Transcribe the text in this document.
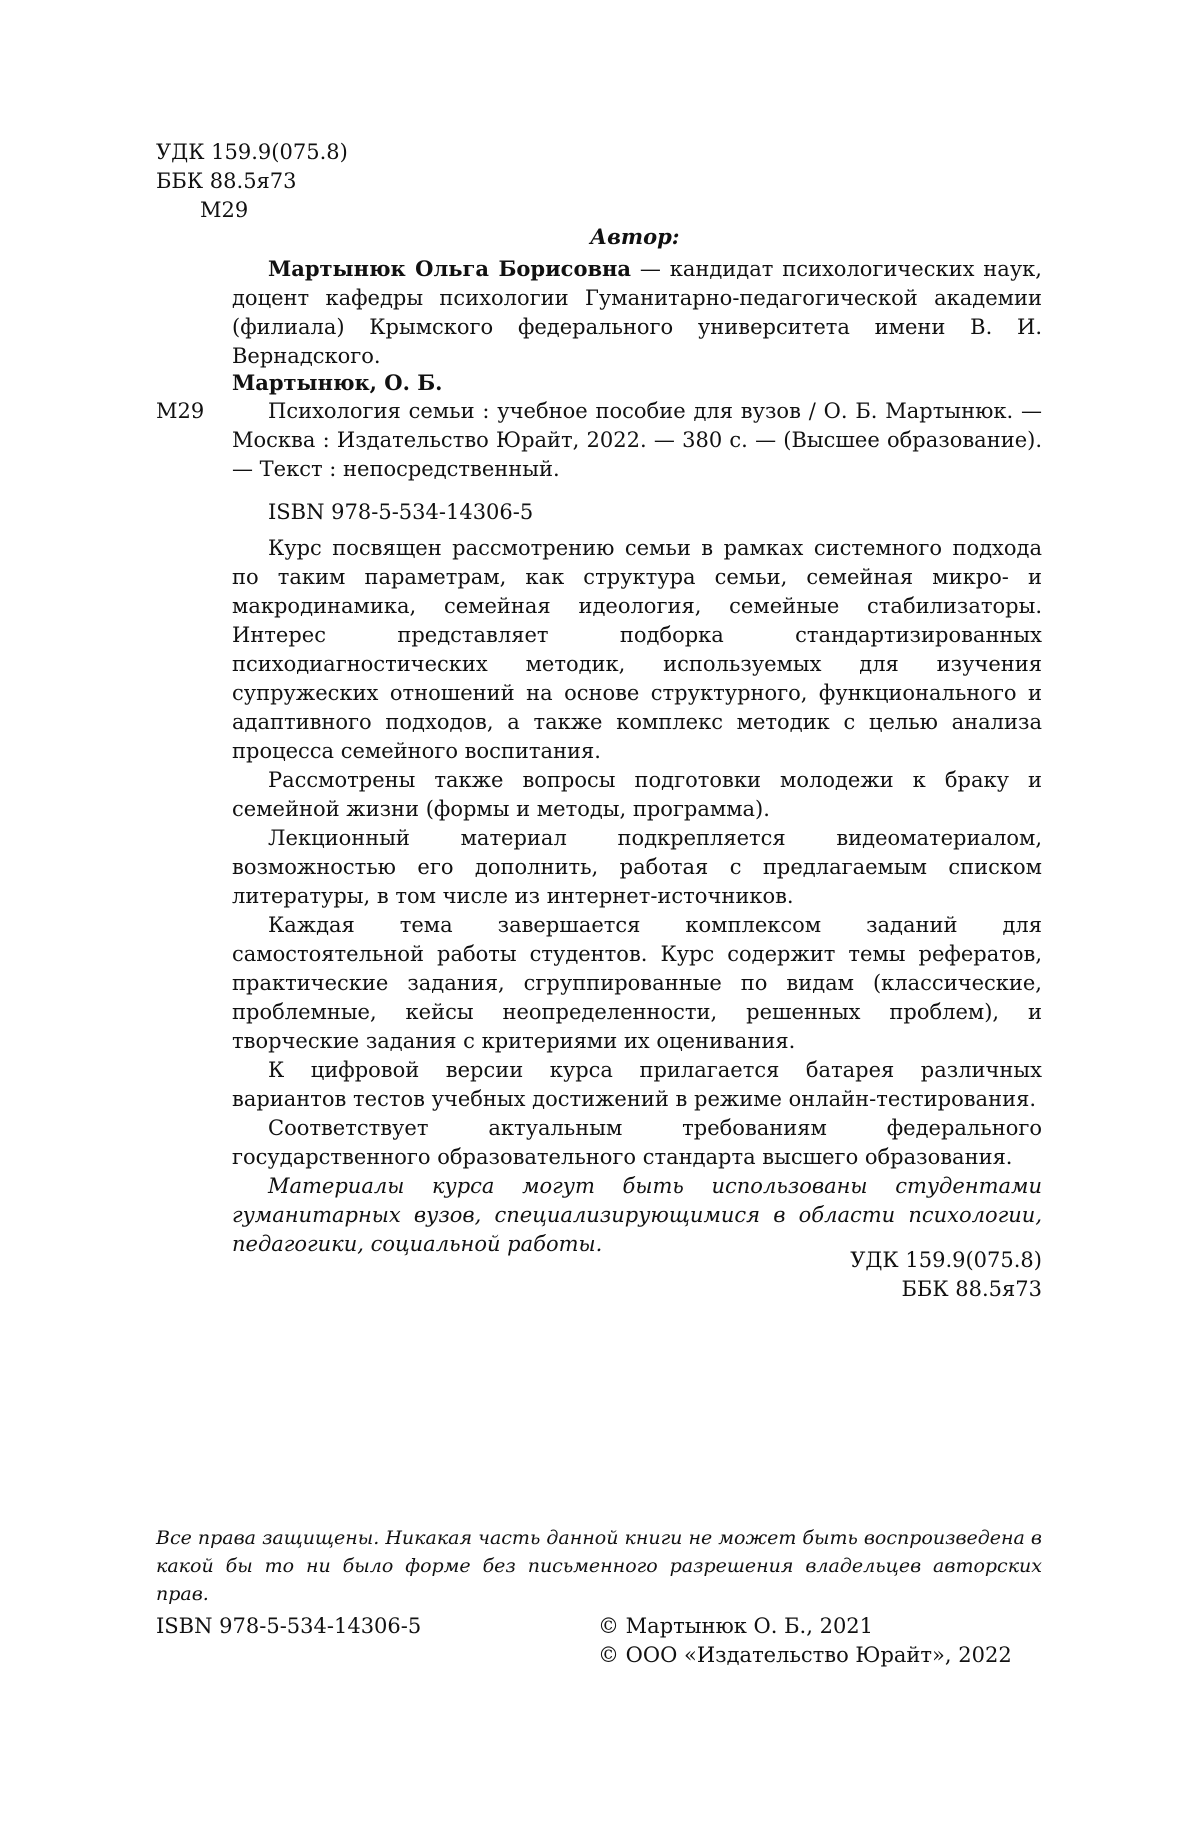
УДК 159.9(075.8)
ББК 88.5я73
М29
Автор:

Мартынюк Ольга Борисовна — кандидат психологических наук, доцент кафедры психологии Гуманитарно-педагогической академии (филиала) Крымского федерального университета имени В. И. Вернадского.

Мартынюк, О. Б.
М29	Психология семьи : учебное пособие для вузов / О. Б. Мартынюк. — Москва : Издательство Юрайт, 2022. — 380 с. — (Высшее образование). — Текст : непосредственный.

ISBN 978-5-534-14306-5

Курс посвящен рассмотрению семьи в рамках системного подхода по таким параметрам, как структура семьи, семейная микро- и макродинамика, семейная идеология, семейные стабилизаторы. Интерес представляет подборка стандартизированных психодиагностических методик, используемых для изучения супружеских отношений на основе структурного, функционального и адаптивного подходов, а также комплекс методик с целью анализа процесса семейного воспитания.

Рассмотрены также вопросы подготовки молодежи к браку и семейной жизни (формы и методы, программа).

Лекционный материал подкрепляется видеоматериалом, возможностью его дополнить, работая с предлагаемым списком литературы, в том числе из интернет-источников.

Каждая тема завершается комплексом заданий для самостоятельной работы студентов. Курс содержит темы рефератов, практические задания, сгруппированные по видам (классические, проблемные, кейсы неопределенности, решенных проблем), и творческие задания с критериями их оценивания.

К цифровой версии курса прилагается батарея различных вариантов тестов учебных достижений в режиме онлайн-тестирования.

Соответствует актуальным требованиям федерального государственного образовательного стандарта высшего образования.

Материалы курса могут быть использованы студентами гуманитарных вузов, специализирующимися в области психологии, педагогики, социальной работы.

УДК 159.9(075.8)
ББК 88.5я73

Все права защищены. Никакая часть данной книги не может быть воспроизведена в какой бы то ни было форме без письменного разрешения владельцев авторских прав.

ISBN 978-5-534-14306-5	© Мартынюк О. Б., 2021
© ООО «Издательство Юрайт», 2022
